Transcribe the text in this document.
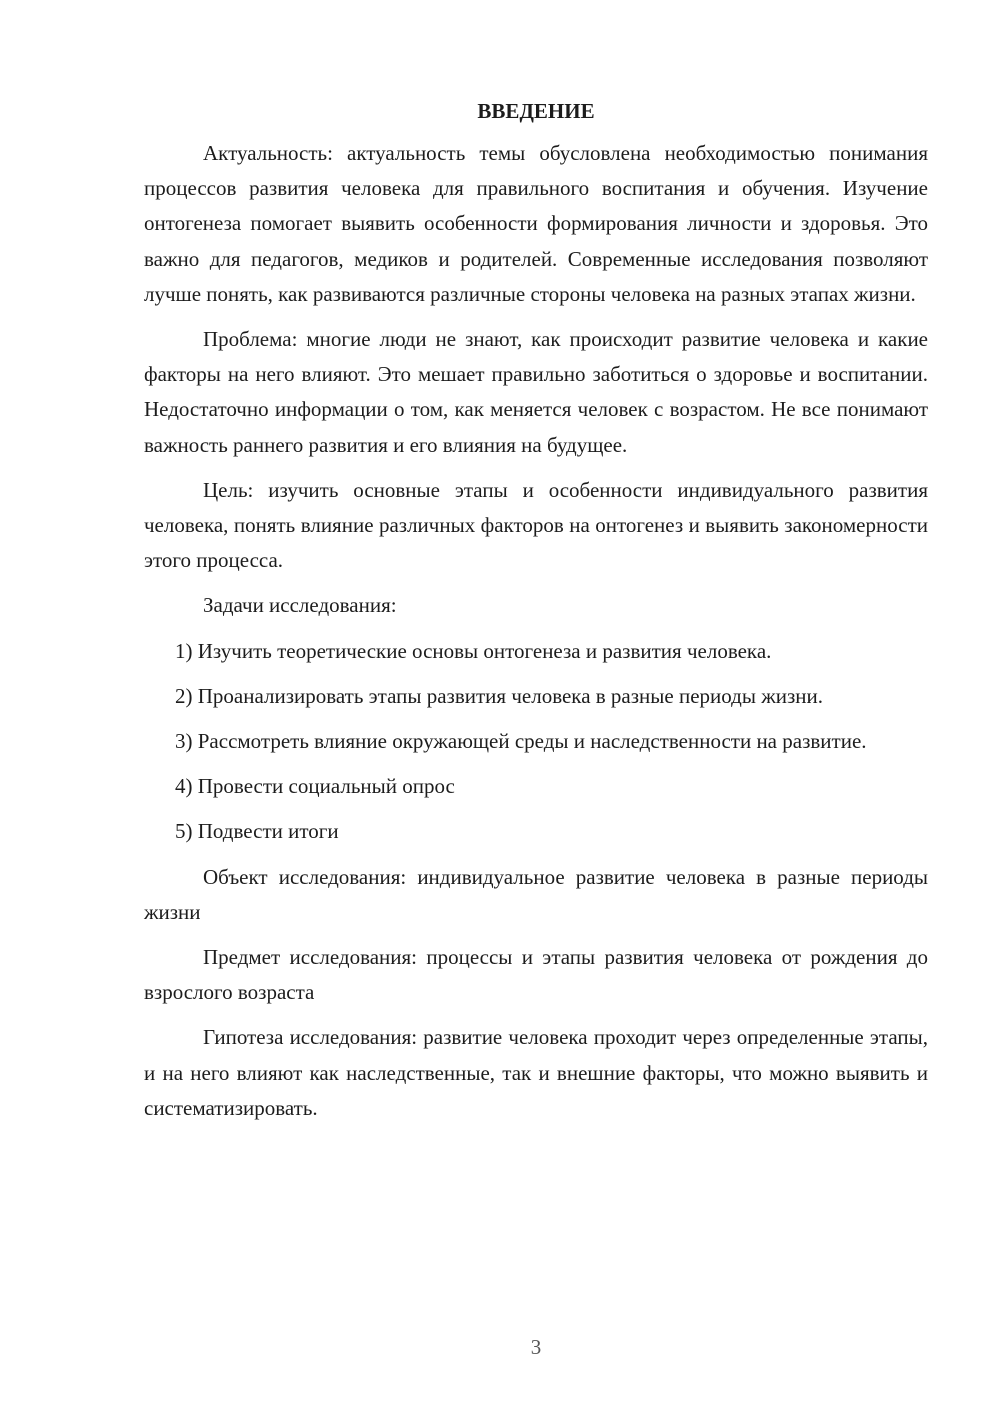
ВВЕДЕНИЕ

Актуальность: актуальность темы обусловлена необходимостью понимания процессов развития человека для правильного воспитания и обучения. Изучение онтогенеза помогает выявить особенности формирования личности и здоровья. Это важно для педагогов, медиков и родителей. Современные исследования позволяют лучше понять, как развиваются различные стороны человека на разных этапах жизни.

Проблема: многие люди не знают, как происходит развитие человека и какие факторы на него влияют. Это мешает правильно заботиться о здоровье и воспитании. Недостаточно информации о том, как меняется человек с возрастом. Не все понимают важность раннего развития и его влияния на будущее.

Цель: изучить основные этапы и особенности индивидуального развития человека, понять влияние различных факторов на онтогенез и выявить закономерности этого процесса.

Задачи исследования:

1) Изучить теоретические основы онтогенеза и развития человека.

2) Проанализировать этапы развития человека в разные периоды жизни.

3) Рассмотреть влияние окружающей среды и наследственности на развитие.

4) Провести социальный опрос

5) Подвести итоги

Объект исследования: индивидуальное развитие человека в разные периоды жизни

Предмет исследования: процессы и этапы развития человека от рождения до взрослого возраста

Гипотеза исследования: развитие человека проходит через определенные этапы, и на него влияют как наследственные, так и внешние факторы, что можно выявить и систематизировать.

3
